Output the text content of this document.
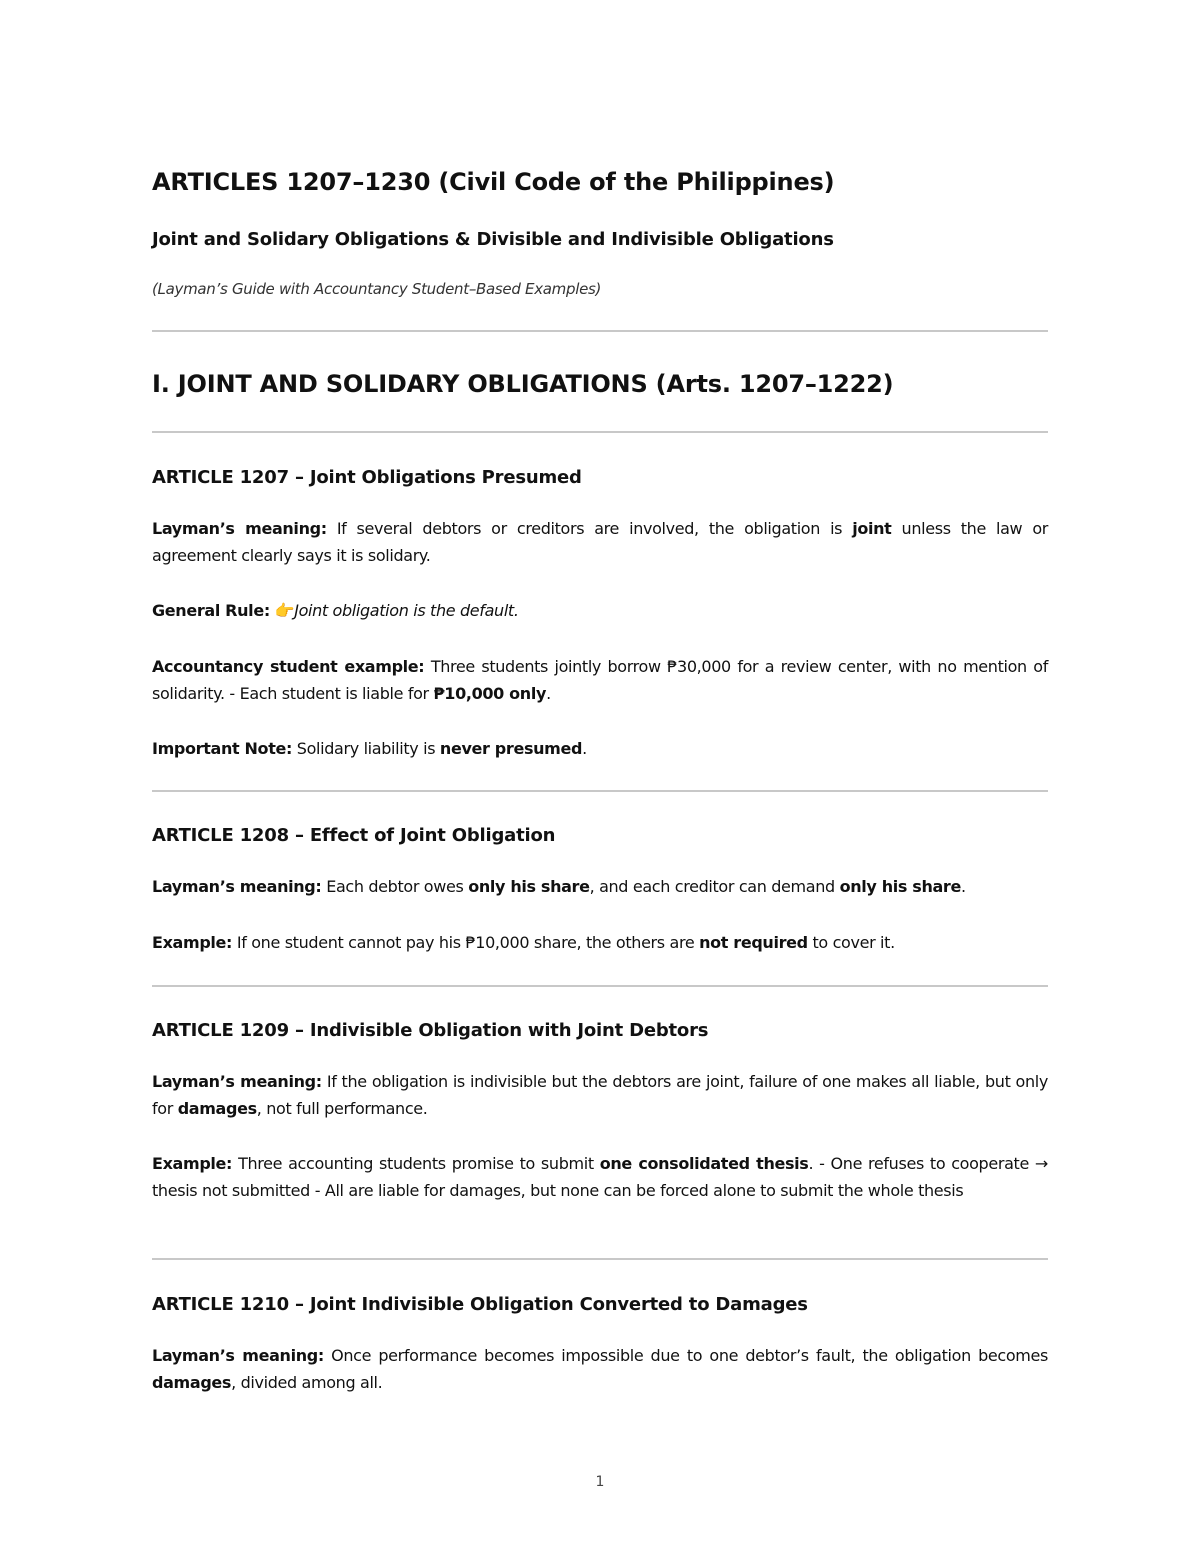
ARTICLES 1207–1230 (Civil Code of the Philippines)
Joint and Solidary Obligations & Divisible and Indivisible Obligations
(Layman’s Guide with Accountancy Student–Based Examples)
I. JOINT AND SOLIDARY OBLIGATIONS (Arts. 1207–1222)
ARTICLE 1207 – Joint Obligations Presumed

Layman’s meaning: If several debtors or creditors are involved, the obligation is joint unless the law or agreement clearly says it is solidary.

General Rule: 👉Joint obligation is the default.

Accountancy student example: Three students jointly borrow ₱30,000 for a review center, with no mention of solidarity. - Each student is liable for ₱10,000 only.

Important Note: Solidary liability is never presumed.

ARTICLE 1208 – Effect of Joint Obligation

Layman’s meaning: Each debtor owes only his share, and each creditor can demand only his share.

Example: If one student cannot pay his ₱10,000 share, the others are not required to cover it.

ARTICLE 1209 – Indivisible Obligation with Joint Debtors

Layman’s meaning: If the obligation is indivisible but the debtors are joint, failure of one makes all liable, but only for damages, not full performance.

Example: Three accounting students promise to submit one consolidated thesis. - One refuses to cooperate → thesis not submitted - All are liable for damages, but none can be forced alone to submit the whole thesis

ARTICLE 1210 – Joint Indivisible Obligation Converted to Damages

Layman’s meaning: Once performance becomes impossible due to one debtor’s fault, the obligation becomes damages, divided among all.

1
